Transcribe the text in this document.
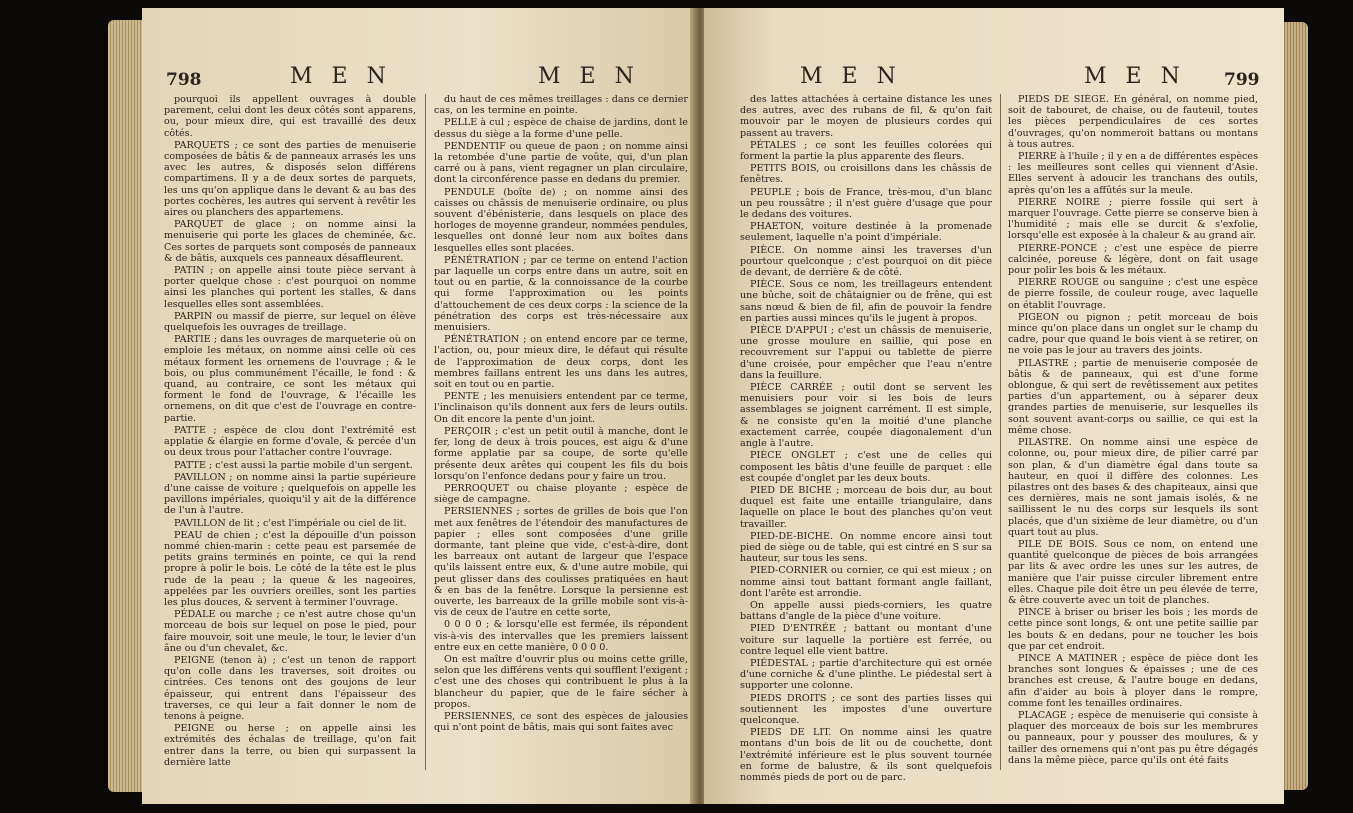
798	M E N	M E N

pourquoi ils appellent ouvrages à double parement, celui dont les deux côtés sont apparens, ou, pour mieux dire, qui est travaillé des deux côtés.

PARQUETS ; ce sont des parties de menuiserie composées de bâtis & de panneaux arrasés les uns avec les autres, & disposés selon différens compartimens. Il y a de deux sortes de parquets, les uns qu'on applique dans le devant & au bas des portes cochères, les autres qui servent à revêtir les aires ou planchers des appartemens.

PARQUET de glace ; on nomme ainsi la menuiserie qui porte les glaces de cheminée, &c. Ces sortes de parquets sont composés de panneaux & de bâtis, auxquels ces panneaux désaffleurent.

PATIN ; on appelle ainsi toute pièce servant à porter quelque chose : c'est pourquoi on nomme ainsi les planches qui portent les stalles, & dans lesquelles elles sont assemblées.

PARPIN ou massif de pierre, sur lequel on élève quelquefois les ouvrages de treillage.

PARTIE ; dans les ouvrages de marqueterie où on emploie les métaux, on nomme ainsi celle où ces métaux forment les ornemens de l'ouvrage ; & le bois, ou plus communément l'écaille, le fond : & quand, au contraire, ce sont les métaux qui forment le fond de l'ouvrage, & l'écaille les ornemens, on dit que c'est de l'ouvrage en contre-partie.

PATTE ; espèce de clou dont l'extrémité est applatie & élargie en forme d'ovale, & percée d'un ou deux trous pour l'attacher contre l'ouvrage.

PATTE ; c'est aussi la partie mobile d'un sergent.

PAVILLON ; on nomme ainsi la partie supérieure d'une caisse de voiture ; quelquefois on appelle les pavillons impériales, quoiqu'il y ait de la différence de l'un à l'autre.

PAVILLON de lit ; c'est l'impériale ou ciel de lit.

PEAU de chien ; c'est la dépouille d'un poisson nommé chien-marin : cette peau est parsemée de petits grains terminés en pointe, ce qui la rend propre à polir le bois. Le côté de la tête est le plus rude de la peau ; la queue & les nageoires, appelées par les ouvriers oreilles, sont les parties les plus douces, & servent à terminer l'ouvrage.

PÉDALE ou marche ; ce n'est autre chose qu'un morceau de bois sur lequel on pose le pied, pour faire mouvoir, soit une meule, le tour, le levier d'un âne ou d'un chevalet, &c.

PEIGNE (tenon à) ; c'est un tenon de rapport qu'on colle dans les traverses, soit droites ou cintrées. Ces tenons ont des goujons de leur épaisseur, qui entrent dans l'épaisseur des traverses, ce qui leur a fait donner le nom de tenons à peigne.

PEIGNE ou herse ; on appelle ainsi les extrémités des échalas de treillage, qu'on fait entrer dans la terre, ou bien qui surpassent la dernière latte

du haut de ces mêmes treillages : dans ce dernier cas, on les termine en pointe.

PELLE à cul ; espèce de chaise de jardins, dont le dessus du siège a la forme d'une pelle.

PENDENTIF ou queue de paon ; on nomme ainsi la retombée d'une partie de voûte, qui, d'un plan carré ou à pans, vient regagner un plan circulaire, dont la circonférence passe en dedans du premier.

PENDULE (boîte de) ; on nomme ainsi des caisses ou châssis de menuiserie ordinaire, ou plus souvent d'ébénisterie, dans lesquels on place des horloges de moyenne grandeur, nommées pendules, lesquelles ont donné leur nom aux boîtes dans lesquelles elles sont placées.

PÉNÉTRATION ; par ce terme on entend l'action par laquelle un corps entre dans un autre, soit en tout ou en partie, & la connoissance de la courbe qui forme l'approximation ou les points d'attouchement de ces deux corps : la science de la pénétration des corps est très-nécessaire aux menuisiers.

PÉNÉTRATION ; on entend encore par ce terme, l'action, ou, pour mieux dire, le défaut qui résulte de l'approximation de deux corps, dont les membres faillans entrent les uns dans les autres, soit en tout ou en partie.

PENTE ; les menuisiers entendent par ce terme, l'inclinaison qu'ils donnent aux fers de leurs outils. On dit encore la pente d'un joint.

PERÇOIR ; c'est un petit outil à manche, dont le fer, long de deux à trois pouces, est aigu & d'une forme applatie par sa coupe, de sorte qu'elle présente deux arêtes qui coupent les fils du bois lorsqu'on l'enfonce dedans pour y faire un trou.

PERROQUET ou chaise ployante ; espèce de siège de campagne.

PERSIENNES ; sortes de grilles de bois que l'on met aux fenêtres de l'étendoir des manufactures de papier ; elles sont composées d'une grille dormante, tant pleine que vide, c'est-à-dire, dont les barreaux ont autant de largeur que l'espace qu'ils laissent entre eux, & d'une autre mobile, qui peut glisser dans des coulisses pratiquées en haut & en bas de la fenêtre. Lorsque la persienne est ouverte, les barreaux de la grille mobile sont vis-à-vis de ceux de l'autre en cette sorte,

0 0 0 0 ; & lorsqu'elle est fermée, ils répondent vis-à-vis des intervalles que les premiers laissent entre eux en cette manière, 0 0 0 0.

On est maître d'ouvrir plus ou moins cette grille, selon que les différens vents qui soufflent l'exigent ; c'est une des choses qui contribuent le plus à la blancheur du papier, que de le faire sécher à propos.

PERSIENNES, ce sont des espèces de jalousies qui n'ont point de bâtis, mais qui sont faites avec

M E N	M E N 799

des lattes attachées à certaine distance les unes des autres, avec des rubans de fil, & qu'on fait mouvoir par le moyen de plusieurs cordes qui passent au travers.

PÉTALES ; ce sont les feuilles colorées qui forment la partie la plus apparente des fleurs.

PETITS BOIS, ou croisillons dans les châssis de fenêtres.

PEUPLE ; bois de France, très-mou, d'un blanc un peu roussâtre ; il n'est guère d'usage que pour le dedans des voitures.

PHAETON, voiture destinée à la promenade seulement, laquelle n'a point d'impériale.

PIÈCE. On nomme ainsi les traverses d'un pourtour quelconque ; c'est pourquoi on dit pièce de devant, de derrière & de côté.

PIÈCE. Sous ce nom, les treillageurs entendent une bûche, soit de châtaignier ou de frêne, qui est sans nœud & bien de fil, afin de pouvoir la fendre en parties aussi minces qu'ils le jugent à propos.

PIÈCE D'APPUI ; c'est un châssis de menuiserie, une grosse moulure en saillie, qui pose en recouvrement sur l'appui ou tablette de pierre d'une croisée, pour empêcher que l'eau n'entre dans la feuillure.

PIÈCE CARRÉE ; outil dont se servent les menuisiers pour voir si les bois de leurs assemblages se joignent carrément. Il est simple, & ne consiste qu'en la moitié d'une planche exactement carrée, coupée diagonalement d'un angle à l'autre.

PIÈCE ONGLET ; c'est une de celles qui composent les bâtis d'une feuille de parquet : elle est coupée d'onglet par les deux bouts.

PIED DE BICHE ; morceau de bois dur, au bout duquel est faite une entaille triangulaire, dans laquelle on place le bout des planches qu'on veut travailler.

PIED-DE-BICHE. On nomme encore ainsi tout pied de siège ou de table, qui est cintré en S sur sa hauteur, sur tous les sens.

PIED-CORNIER ou cornier, ce qui est mieux ; on nomme ainsi tout battant formant angle faillant, dont l'arête est arrondie.

On appelle aussi pieds-corniers, les quatre battans d'angle de la pièce d'une voiture.

PIED D'ENTRÉE ; battant ou montant d'une voiture sur laquelle la portière est ferrée, ou contre lequel elle vient battre.

PIÉDESTAL ; partie d'architecture qui est ornée d'une corniche & d'une plinthe. Le piédestal sert à supporter une colonne.

PIEDS DROITS ; ce sont des parties lisses qui soutiennent les impostes d'une ouverture quelconque.

PIEDS DE LIT. On nomme ainsi les quatre montans d'un bois de lit ou de couchette, dont l'extrémité inférieure est le plus souvent tournée en forme de balustre, & ils sont quelquefois nommés pieds de port ou de parc.

PIEDS DE SIÈGE. En général, on nomme pied, soit de tabouret, de chaise, ou de fauteuil, toutes les pièces perpendiculaires de ces sortes d'ouvrages, qu'on nommeroit battans ou montans à tous autres.

PIERRE à l'huile ; il y en a de différentes espèces : les meilleures sont celles qui viennent d'Asie. Elles servent à adoucir les tranchans des outils, après qu'on les a affûtés sur la meule.

PIERRE NOIRE ; pierre fossile qui sert à marquer l'ouvrage. Cette pierre se conserve bien à l'humidité ; mais elle se durcit & s'exfolie, lorsqu'elle est exposée à la chaleur & au grand air.

PIERRE-PONCE ; c'est une espèce de pierre calcinée, poreuse & légère, dont on fait usage pour polir les bois & les métaux.

PIERRE ROUGE ou sanguine ; c'est une espèce de pierre fossile, de couleur rouge, avec laquelle on établit l'ouvrage.

PIGEON ou pignon ; petit morceau de bois mince qu'on place dans un onglet sur le champ du cadre, pour que quand le bois vient à se retirer, on ne voie pas le jour au travers des joints.

PILASTRE ; partie de menuiserie composée de bâtis & de panneaux, qui est d'une forme oblongue, & qui sert de revêtissement aux petites parties d'un appartement, ou à séparer deux grandes parties de menuiserie, sur lesquelles ils sont souvent avant-corps ou saillie, ce qui est la même chose.

PILASTRE. On nomme ainsi une espèce de colonne, ou, pour mieux dire, de pilier carré par son plan, & d'un diamètre égal dans toute sa hauteur, en quoi il diffère des colonnes. Les pilastres ont des bases & des chapiteaux, ainsi que ces dernières, mais ne sont jamais isolés, & ne saillissent le nu des corps sur lesquels ils sont placés, que d'un sixième de leur diamètre, ou d'un quart tout au plus.

PILE DE BOIS. Sous ce nom, on entend une quantité quelconque de pièces de bois arrangées par lits & avec ordre les unes sur les autres, de manière que l'air puisse circuler librement entre elles. Chaque pile doit être un peu élevée de terre, & être couverte avec un toit de planches.

PINCE à briser ou briser les bois ; les mords de cette pince sont longs, & ont une petite saillie par les bouts & en dedans, pour ne toucher les bois que par cet endroit.

PINCE A MATINER ; espèce de pièce dont les branches sont longues & épaisses ; une de ces branches est creuse, & l'autre bouge en dedans, afin d'aider au bois à ployer dans le rompre, comme font les tenailles ordinaires.

PLACAGE ; espèce de menuiserie qui consiste à plaquer des morceaux de bois sur les membrures ou panneaux, pour y pousser des moulures, & y tailler des ornemens qui n'ont pas pu être dégagés dans la même pièce, parce qu'ils ont été faits
